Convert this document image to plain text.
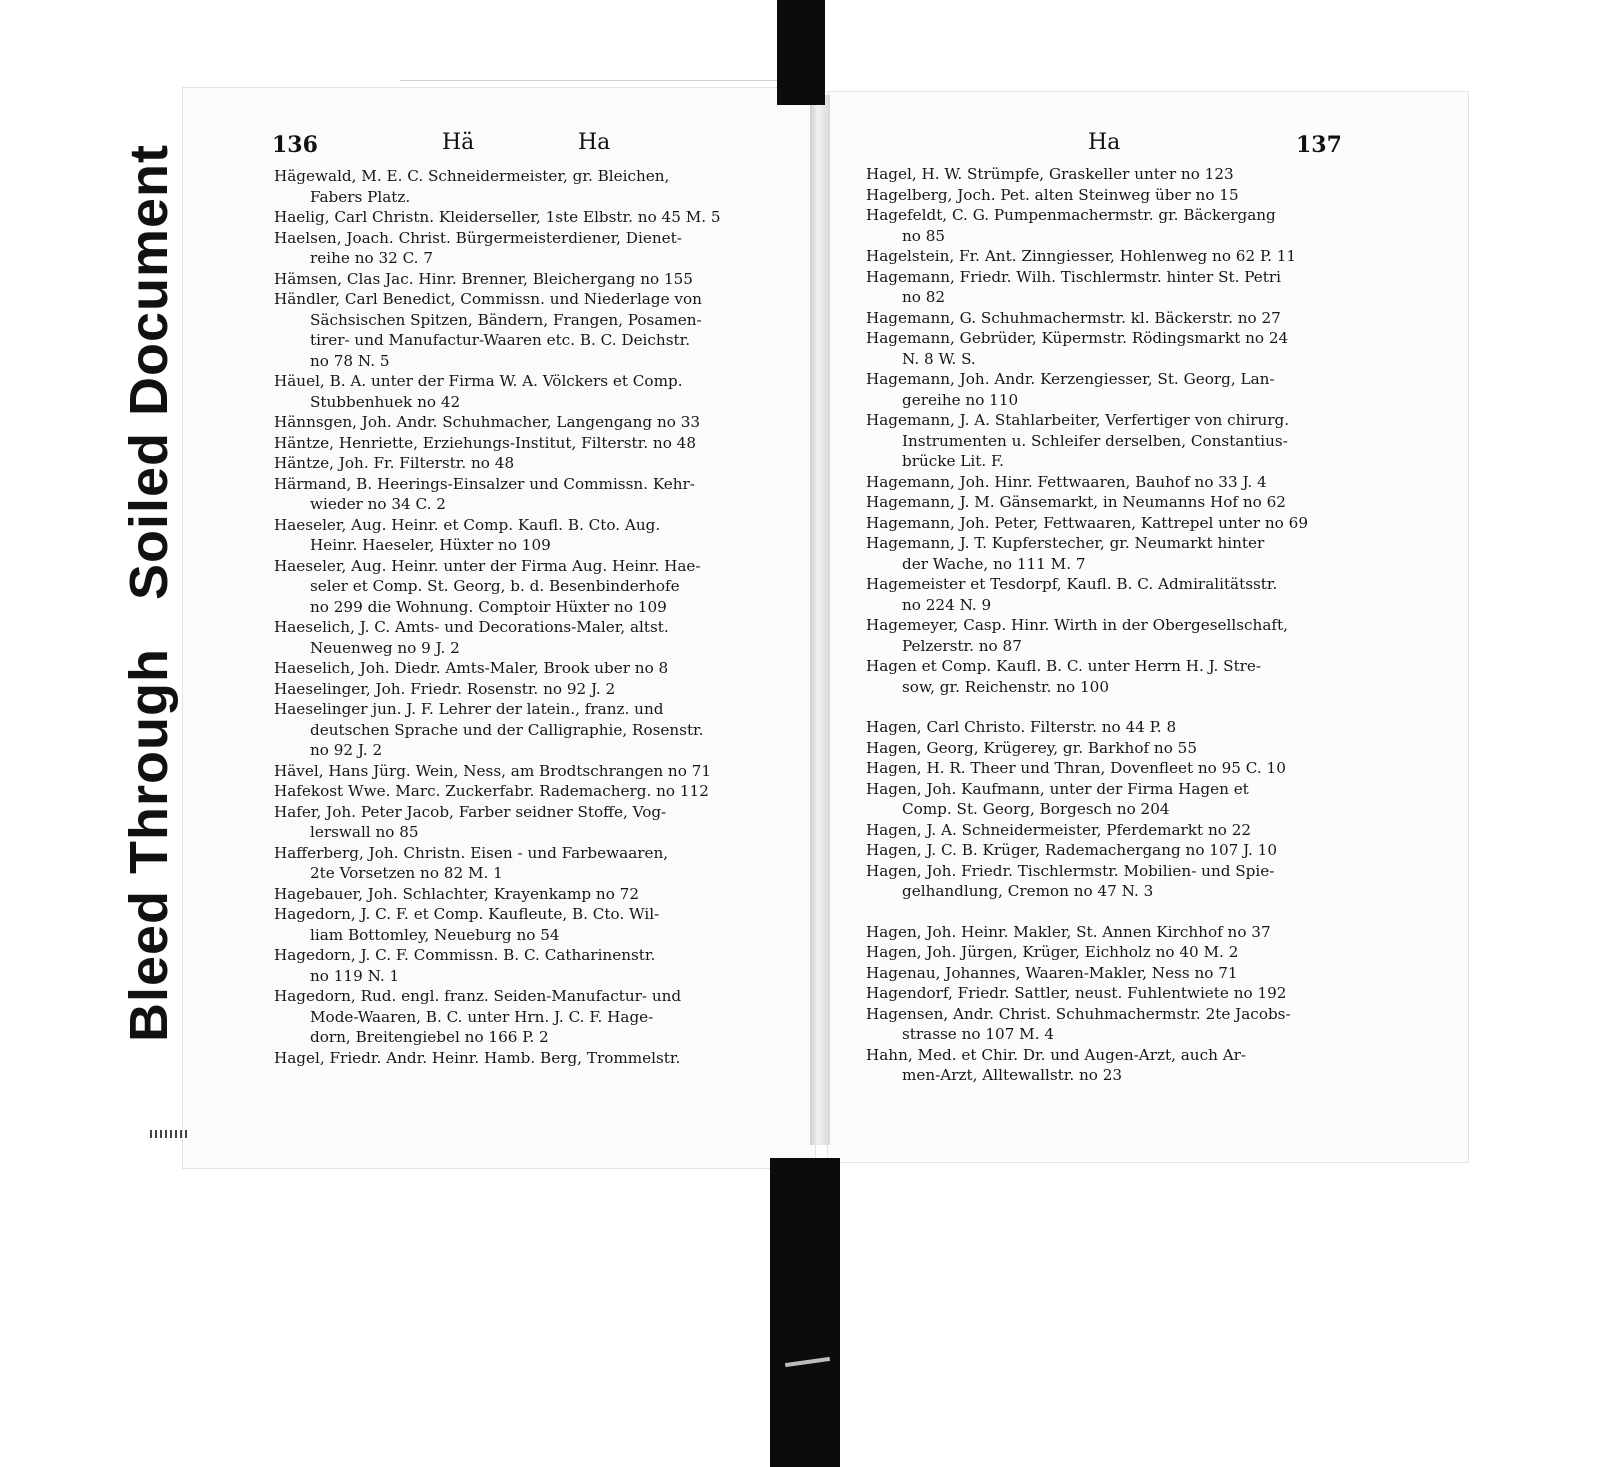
Bleed ThroughSoiled Document	136	Hä	Ha	Ha	137
Hägewald, M. E. C. Schneidermeister, gr. Bleichen,
Fabers Platz.
Haelig, Carl Christn. Kleiderseller, 1ste Elbstr. no 45 M. 5
Haelsen, Joach. Christ. Bürgermeisterdiener, Dienet-
reihe no 32 C. 7
Hämsen, Clas Jac. Hinr. Brenner, Bleichergang no 155
Händler, Carl Benedict, Commissn. und Niederlage von
Sächsischen Spitzen, Bändern, Frangen, Posamen-
tirer- und Manufactur-Waaren etc. B. C. Deichstr.
no 78 N. 5
Häuel, B. A. unter der Firma W. A. Völckers et Comp.
Stubbenhuek no 42
Hännsgen, Joh. Andr. Schuhmacher, Langengang no 33
Häntze, Henriette, Erziehungs-Institut, Filterstr. no 48
Häntze, Joh. Fr. Filterstr. no 48
Härmand, B. Heerings-Einsalzer und Commissn. Kehr-
wieder no 34 C. 2
Haeseler, Aug. Heinr. et Comp. Kaufl. B. Cto. Aug.
Heinr. Haeseler, Hüxter no 109
Haeseler, Aug. Heinr. unter der Firma Aug. Heinr. Hae-
seler et Comp. St. Georg, b. d. Besenbinderhofe
no 299 die Wohnung. Comptoir Hüxter no 109
Haeselich, J. C. Amts- und Decorations-Maler, altst.
Neuenweg no 9 J. 2
Haeselich, Joh. Diedr. Amts-Maler, Brook uber no 8
Haeselinger, Joh. Friedr. Rosenstr. no 92 J. 2
Haeselinger jun. J. F. Lehrer der latein., franz. und
deutschen Sprache und der Calligraphie, Rosenstr.
no 92 J. 2
Hävel, Hans Jürg. Wein, Ness, am Brodtschrangen no 71
Hafekost Wwe. Marc. Zuckerfabr. Rademacherg. no 112
Hafer, Joh. Peter Jacob, Farber seidner Stoffe, Vog-
lerswall no 85
Hafferberg, Joh. Christn. Eisen - und Farbewaaren,
2te Vorsetzen no 82 M. 1
Hagebauer, Joh. Schlachter, Krayenkamp no 72
Hagedorn, J. C. F. et Comp. Kaufleute, B. Cto. Wil-
liam Bottomley, Neueburg no 54
Hagedorn, J. C. F. Commissn. B. C. Catharinenstr.
no 119 N. 1
Hagedorn, Rud. engl. franz. Seiden-Manufactur- und
Mode-Waaren, B. C. unter Hrn. J. C. F. Hage-
dorn, Breitengiebel no 166 P. 2
Hagel, Friedr. Andr. Heinr. Hamb. Berg, Trommelstr.
Hagel, H. W. Strümpfe, Graskeller unter no 123
Hagelberg, Joch. Pet. alten Steinweg über no 15
Hagefeldt, C. G. Pumpenmachermstr. gr. Bäckergang
no 85
Hagelstein, Fr. Ant. Zinngiesser, Hohlenweg no 62 P. 11
Hagemann, Friedr. Wilh. Tischlermstr. hinter St. Petri
no 82
Hagemann, G. Schuhmachermstr. kl. Bäckerstr. no 27
Hagemann, Gebrüder, Küpermstr. Rödingsmarkt no 24
N. 8 W. S.
Hagemann, Joh. Andr. Kerzengiesser, St. Georg, Lan-
gereihe no 110
Hagemann, J. A. Stahlarbeiter, Verfertiger von chirurg.
Instrumenten u. Schleifer derselben, Constantius-
brücke Lit. F.
Hagemann, Joh. Hinr. Fettwaaren, Bauhof no 33 J. 4
Hagemann, J. M. Gänsemarkt, in Neumanns Hof no 62
Hagemann, Joh. Peter, Fettwaaren, Kattrepel unter no 69
Hagemann, J. T. Kupferstecher, gr. Neumarkt hinter
der Wache, no 111 M. 7
Hagemeister et Tesdorpf, Kaufl. B. C. Admiralitätsstr.
no 224 N. 9
Hagemeyer, Casp. Hinr. Wirth in der Obergesellschaft,
Pelzerstr. no 87
Hagen et Comp. Kaufl. B. C. unter Herrn H. J. Stre-
sow, gr. Reichenstr. no 100
Hagen, Carl Christo. Filterstr. no 44 P. 8
Hagen, Georg, Krügerey, gr. Barkhof no 55
Hagen, H. R. Theer und Thran, Dovenfleet no 95 C. 10
Hagen, Joh. Kaufmann, unter der Firma Hagen et
Comp. St. Georg, Borgesch no 204
Hagen, J. A. Schneidermeister, Pferdemarkt no 22
Hagen, J. C. B. Krüger, Rademachergang no 107 J. 10
Hagen, Joh. Friedr. Tischlermstr. Mobilien- und Spie-
gelhandlung, Cremon no 47 N. 3
Hagen, Joh. Heinr. Makler, St. Annen Kirchhof no 37
Hagen, Joh. Jürgen, Krüger, Eichholz no 40 M. 2
Hagenau, Johannes, Waaren-Makler, Ness no 71
Hagendorf, Friedr. Sattler, neust. Fuhlentwiete no 192
Hagensen, Andr. Christ. Schuhmachermstr. 2te Jacobs-
strasse no 107 M. 4
Hahn, Med. et Chir. Dr. und Augen-Arzt, auch Ar-
men-Arzt, Alltewallstr. no 23
